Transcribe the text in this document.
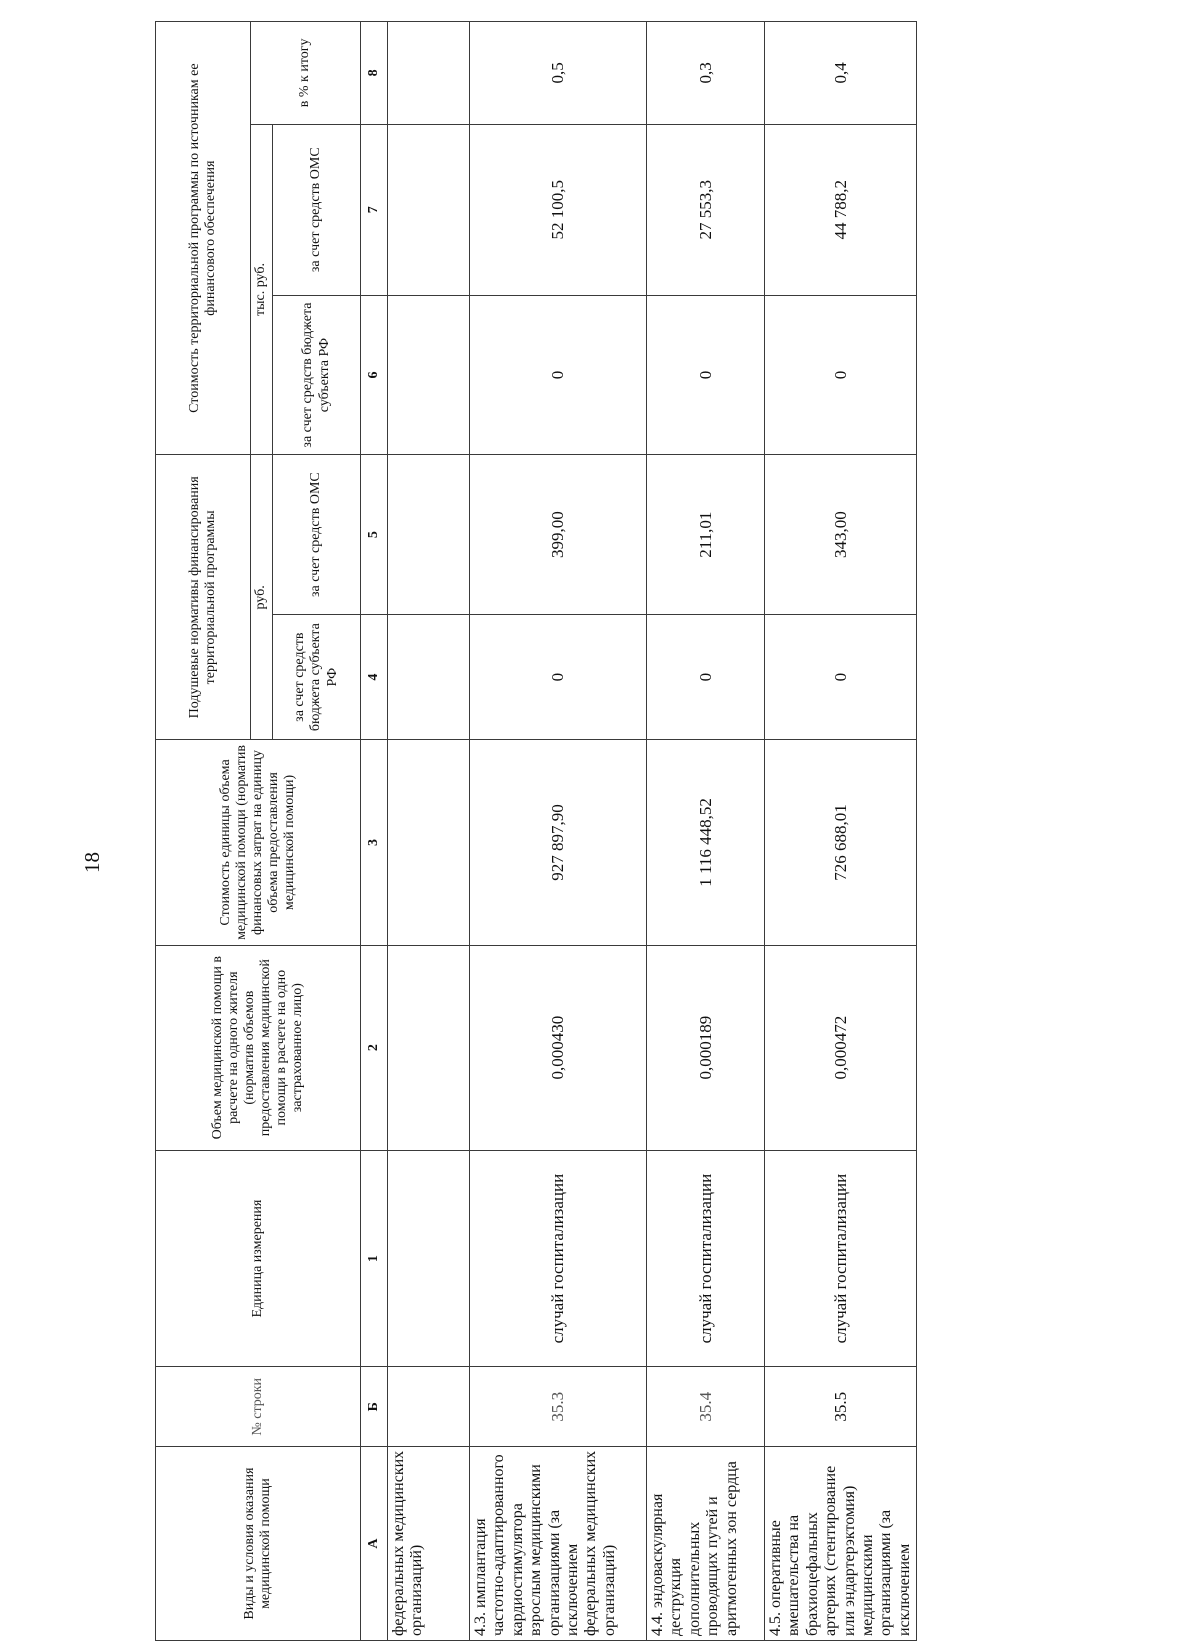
18
Виды и условия оказания медицинской помощи	№ строки	Единица измерения	Объем медицинской помощи в расчете на одного жителя (норматив объемов предоставления медицинской помощи в расчете на одно застрахованное лицо)	Стоимость единицы объема медицинской помощи (норматив финансовых затрат на единицу объема предоставления медицинской помощи)	Подушевые нормативы финансирования территориальной программы		Стоимость территориальной программы по источникам ее финансового обеспечения		
					руб.		тыс. руб.		в % к итогу
					за счет средств бюджета субъекта РФ	за счет средств ОМС	за счет средств бюджета субъекта РФ	за счет средств ОМС	
А	Б	1	2	3	4	5	6	7	8
федеральных медицинских организаций)									
4.3. имплантация частотно-адаптированного кардиостимулятора взрослым медицинскими организациями (за исключением федеральных медицинских организаций)	35.3	случай госпитализации	0,000430	927 897,90	0	399,00	0	52 100,5	0,5
4.4. эндоваскулярная деструкция дополнительных проводящих путей и аритмогенных зон сердца	35.4	случай госпитализации	0,000189	1 116 448,52	0	211,01	0	27 553,3	0,3
4.5. оперативные вмешательства на брахиоцефальных артериях (стентирование или эндартерэктомия) медицинскими организациями (за исключением	35.5	случай госпитализации	0,000472	726 688,01	0	343,00	0	44 788,2	0,4
